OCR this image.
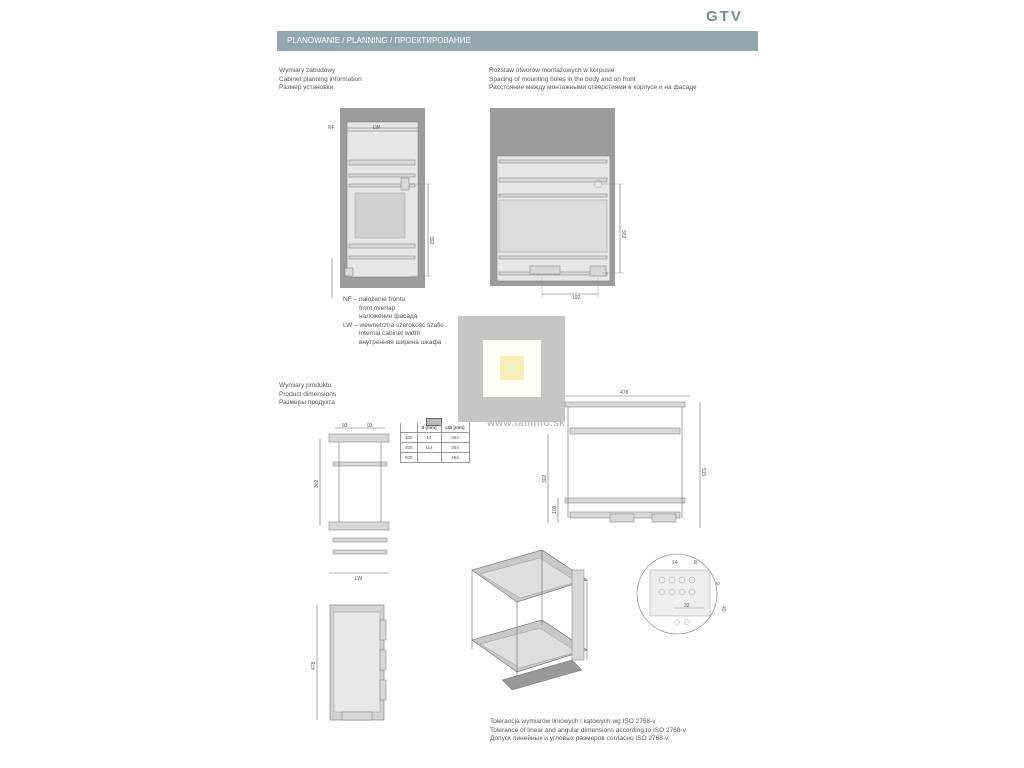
GTV
PLANOWANIE / PLANNING / ПРОЕКТИРОВАНИЕ
Wymiary zabudowy
Cabinet planning information
Размер установки
Rozstaw otworów montażowych w korpusie
Spacing of mounting holes in the body and on front
Расстояние между монтажными отверстиями в корпусе и на фасаде
NF	LW
392
NF – nałożenie frontu
front overlap
наложение фасада
LW – wewnętrzna szerokość szafki
internal cabinet width
внутренняя ширина шкафа
302
192
www.lamino.sk
Wymiary produktu
Product dimensions
Размеры продукта
	d [mm]	LW [mm]
300	14	264
400	114	364
500		464
93	93
302
LW
478
515
302
108
32
14	8
9
40
478
Tolerancja wymiarów liniowych i kątowych wg ISO 2768-v
Tolerance of linear and angular dimensions according to ISO 2768-v
Допуск линейных и угловых размеров согласно ISO 2768-v
